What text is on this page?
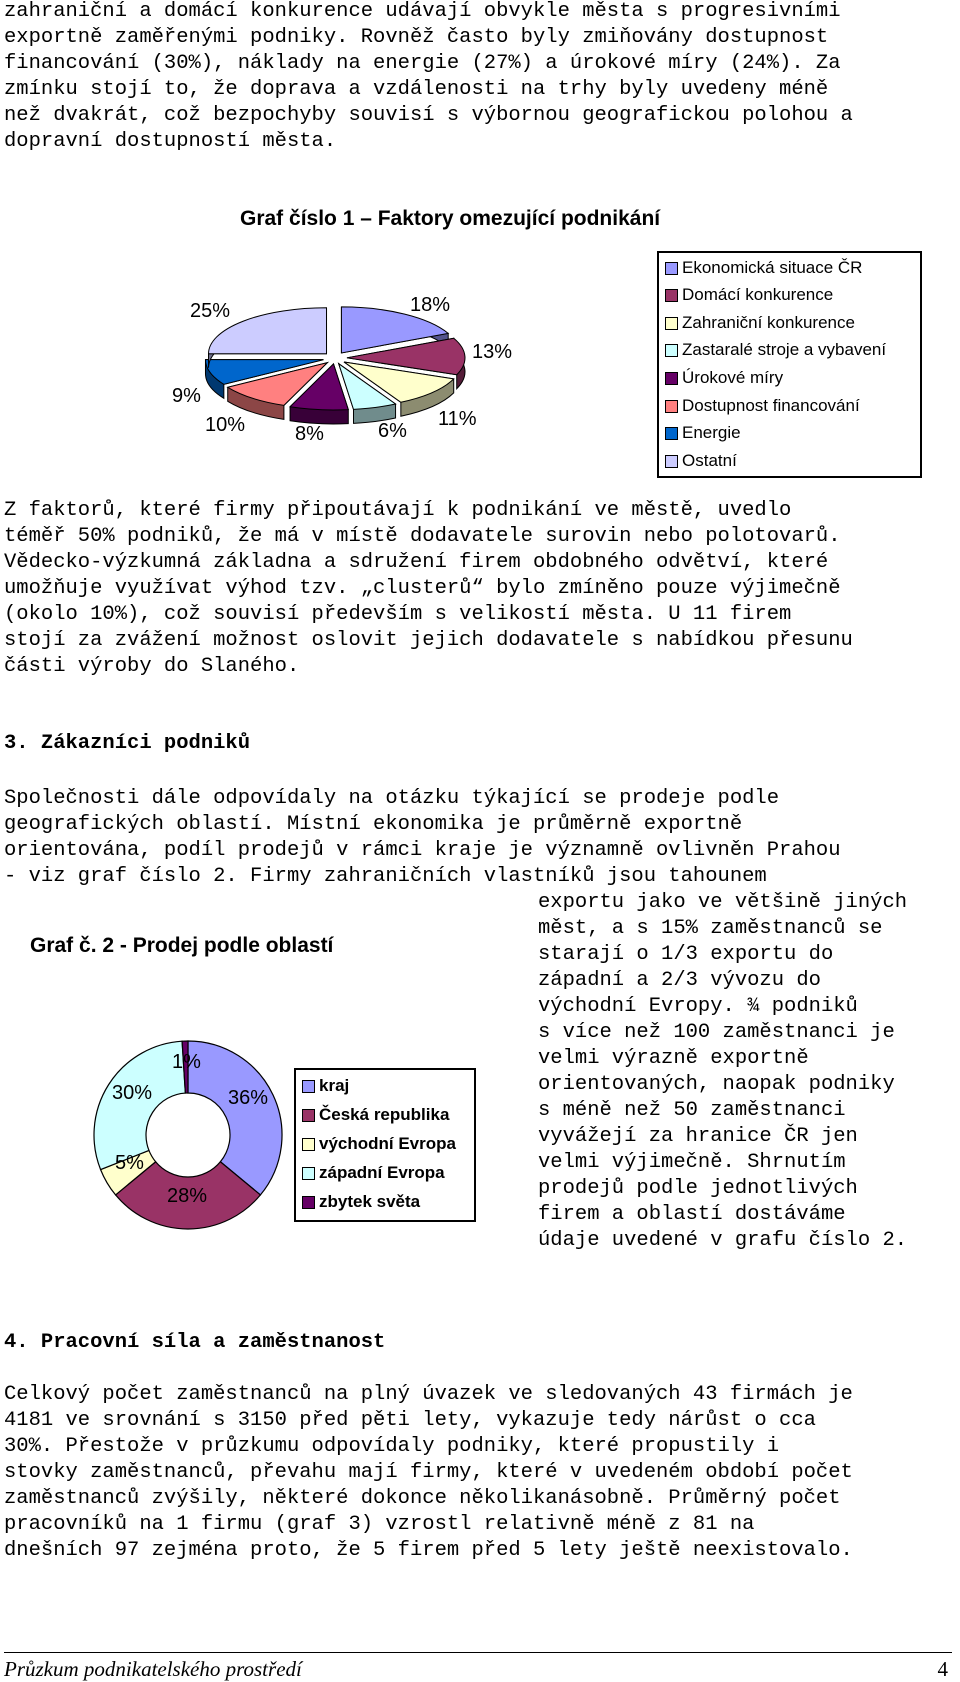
zahraniční a domácí konkurence udávají obvykle města s progresivními
exportně zaměřenými podniky. Rovněž často byly zmiňovány dostupnost
financování (30%), náklady na energie (27%) a úrokové míry (24%). Za
zmínku stojí to, že doprava a vzdálenosti na trhy byly uvedeny méně
než dvakrát, což bezpochyby souvisí s výbornou geografickou polohou a
dopravní dostupností města.
Graf číslo 1 – Faktory omezující podnikání
18%
13%
11%
6%
8%
10%
9%
25%
Ekonomická situace ČR
Domácí konkurence
Zahraniční konkurence
Zastaralé stroje a vybavení
Úrokové míry
Dostupnost financování
Energie
Ostatní
Z faktorů, které firmy připoutávají k podnikání ve městě, uvedlo
téměř 50% podniků, že má v místě dodavatele surovin nebo polotovarů.
Vědecko-výzkumná základna a sdružení firem obdobného odvětví, které
umožňuje využívat výhod tzv. „clusterů“ bylo zmíněno pouze výjimečně
(okolo 10%), což souvisí především s velikostí města. U 11 firem
stojí za zvážení možnost oslovit jejich dodavatele s nabídkou přesunu
části výroby do Slaného.
3. Zákazníci podniků
Společnosti dále odpovídaly na otázku týkající se prodeje podle
geografických oblastí. Místní ekonomika je průměrně exportně
orientována, podíl prodejů v rámci kraje je významně ovlivněn Prahou
- viz graf číslo 2. Firmy zahraničních vlastníků jsou tahounem
exportu jako ve většině jiných
měst, a s 15% zaměstnanců se
starají o 1/3 exportu do
západní a 2/3 vývozu do
východní Evropy. ¾ podniků
s více než 100 zaměstnanci je
velmi výrazně exportně
orientovaných, naopak podniky
s méně než 50 zaměstnanci
vyvážejí za hranice ČR jen
velmi výjimečně. Shrnutím
prodejů podle jednotlivých
firem a oblastí dostáváme
údaje uvedené v grafu číslo 2.
Graf č. 2 - Prodej podle oblastí
36%
28%
5%
30%
1%
kraj
Česká republika
východní Evropa
západní Evropa
zbytek světa
4. Pracovní síla a zaměstnanost
Celkový počet zaměstnanců na plný úvazek ve sledovaných 43 firmách je
4181 ve srovnání s 3150 před pěti lety, vykazuje tedy nárůst o cca
30%. Přestože v průzkumu odpovídaly podniky, které propustily i
stovky zaměstnanců, převahu mají firmy, které v uvedeném období počet
zaměstnanců zvýšily, některé dokonce několikanásobně. Průměrný počet
pracovníků na 1 firmu (graf 3) vzrostl relativně méně z 81 na
dnešních 97 zejména proto, že 5 firem před 5 lety ještě neexistovalo.
Průzkum podnikatelského prostředí	4
